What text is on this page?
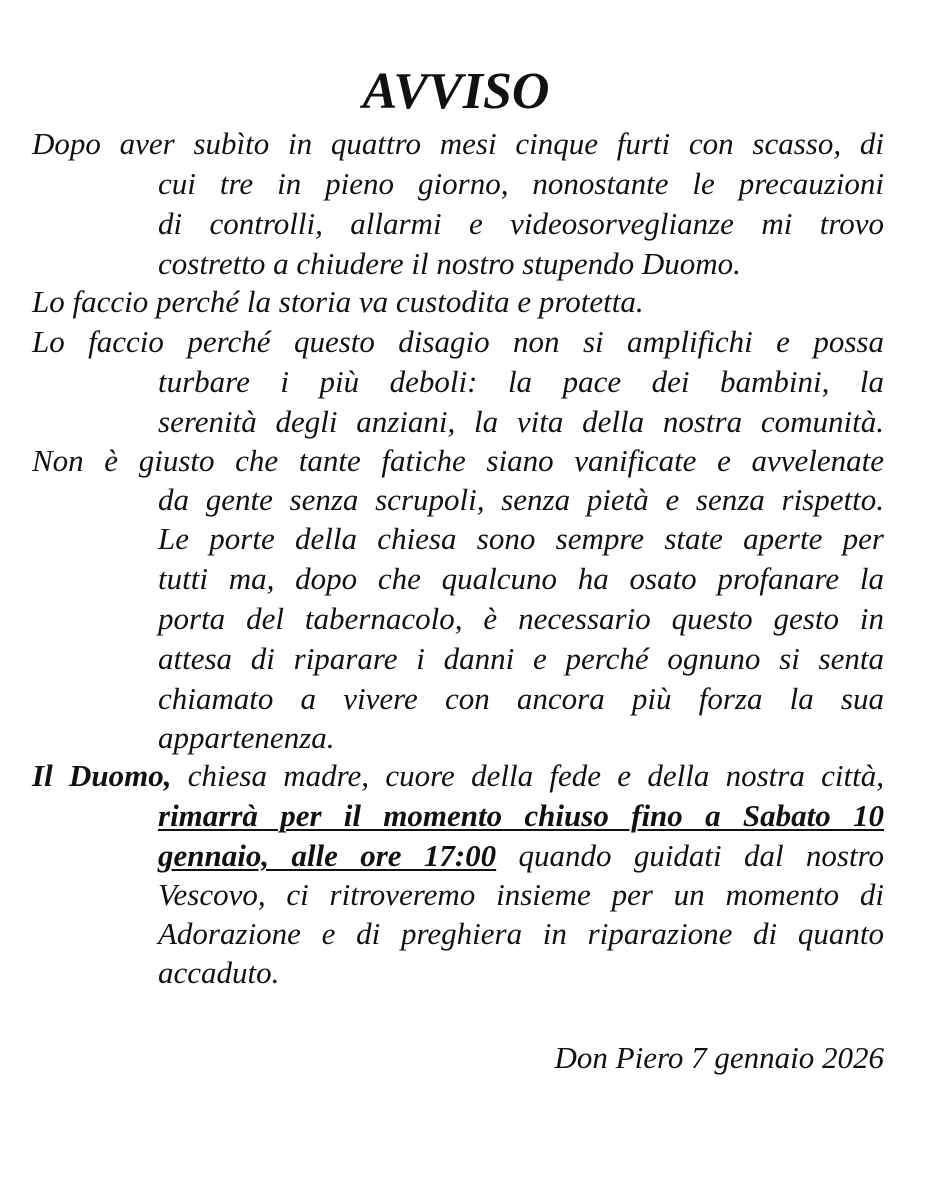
AVVISO
Dopo aver subìto in quattro mesi cinque furti con scasso, di
cui tre in pieno giorno, nonostante le precauzioni
di controlli, allarmi e videosorveglianze mi trovo
costretto a chiudere il nostro stupendo Duomo.
Lo faccio perché la storia va custodita e protetta.
Lo faccio perché questo disagio non si amplifichi e possa
turbare i più deboli: la pace dei bambini, la
serenità degli anziani, la vita della nostra comunità.
Non è giusto che tante fatiche siano vanificate e avvelenate
da gente senza scrupoli, senza pietà e senza rispetto.
Le porte della chiesa sono sempre state aperte per
tutti ma, dopo che qualcuno ha osato profanare la
porta del tabernacolo, è necessario questo gesto in
attesa di riparare i danni e perché ognuno si senta
chiamato a vivere con ancora più forza la sua
appartenenza.
Il Duomo, chiesa madre, cuore della fede e della nostra città,
rimarrà per il momento chiuso fino a Sabato 10
gennaio, alle ore 17:00 quando guidati dal nostro
Vescovo, ci ritroveremo insieme per un momento di
Adorazione e di preghiera in riparazione di quanto
accaduto.
Don Piero 7 gennaio 2026
